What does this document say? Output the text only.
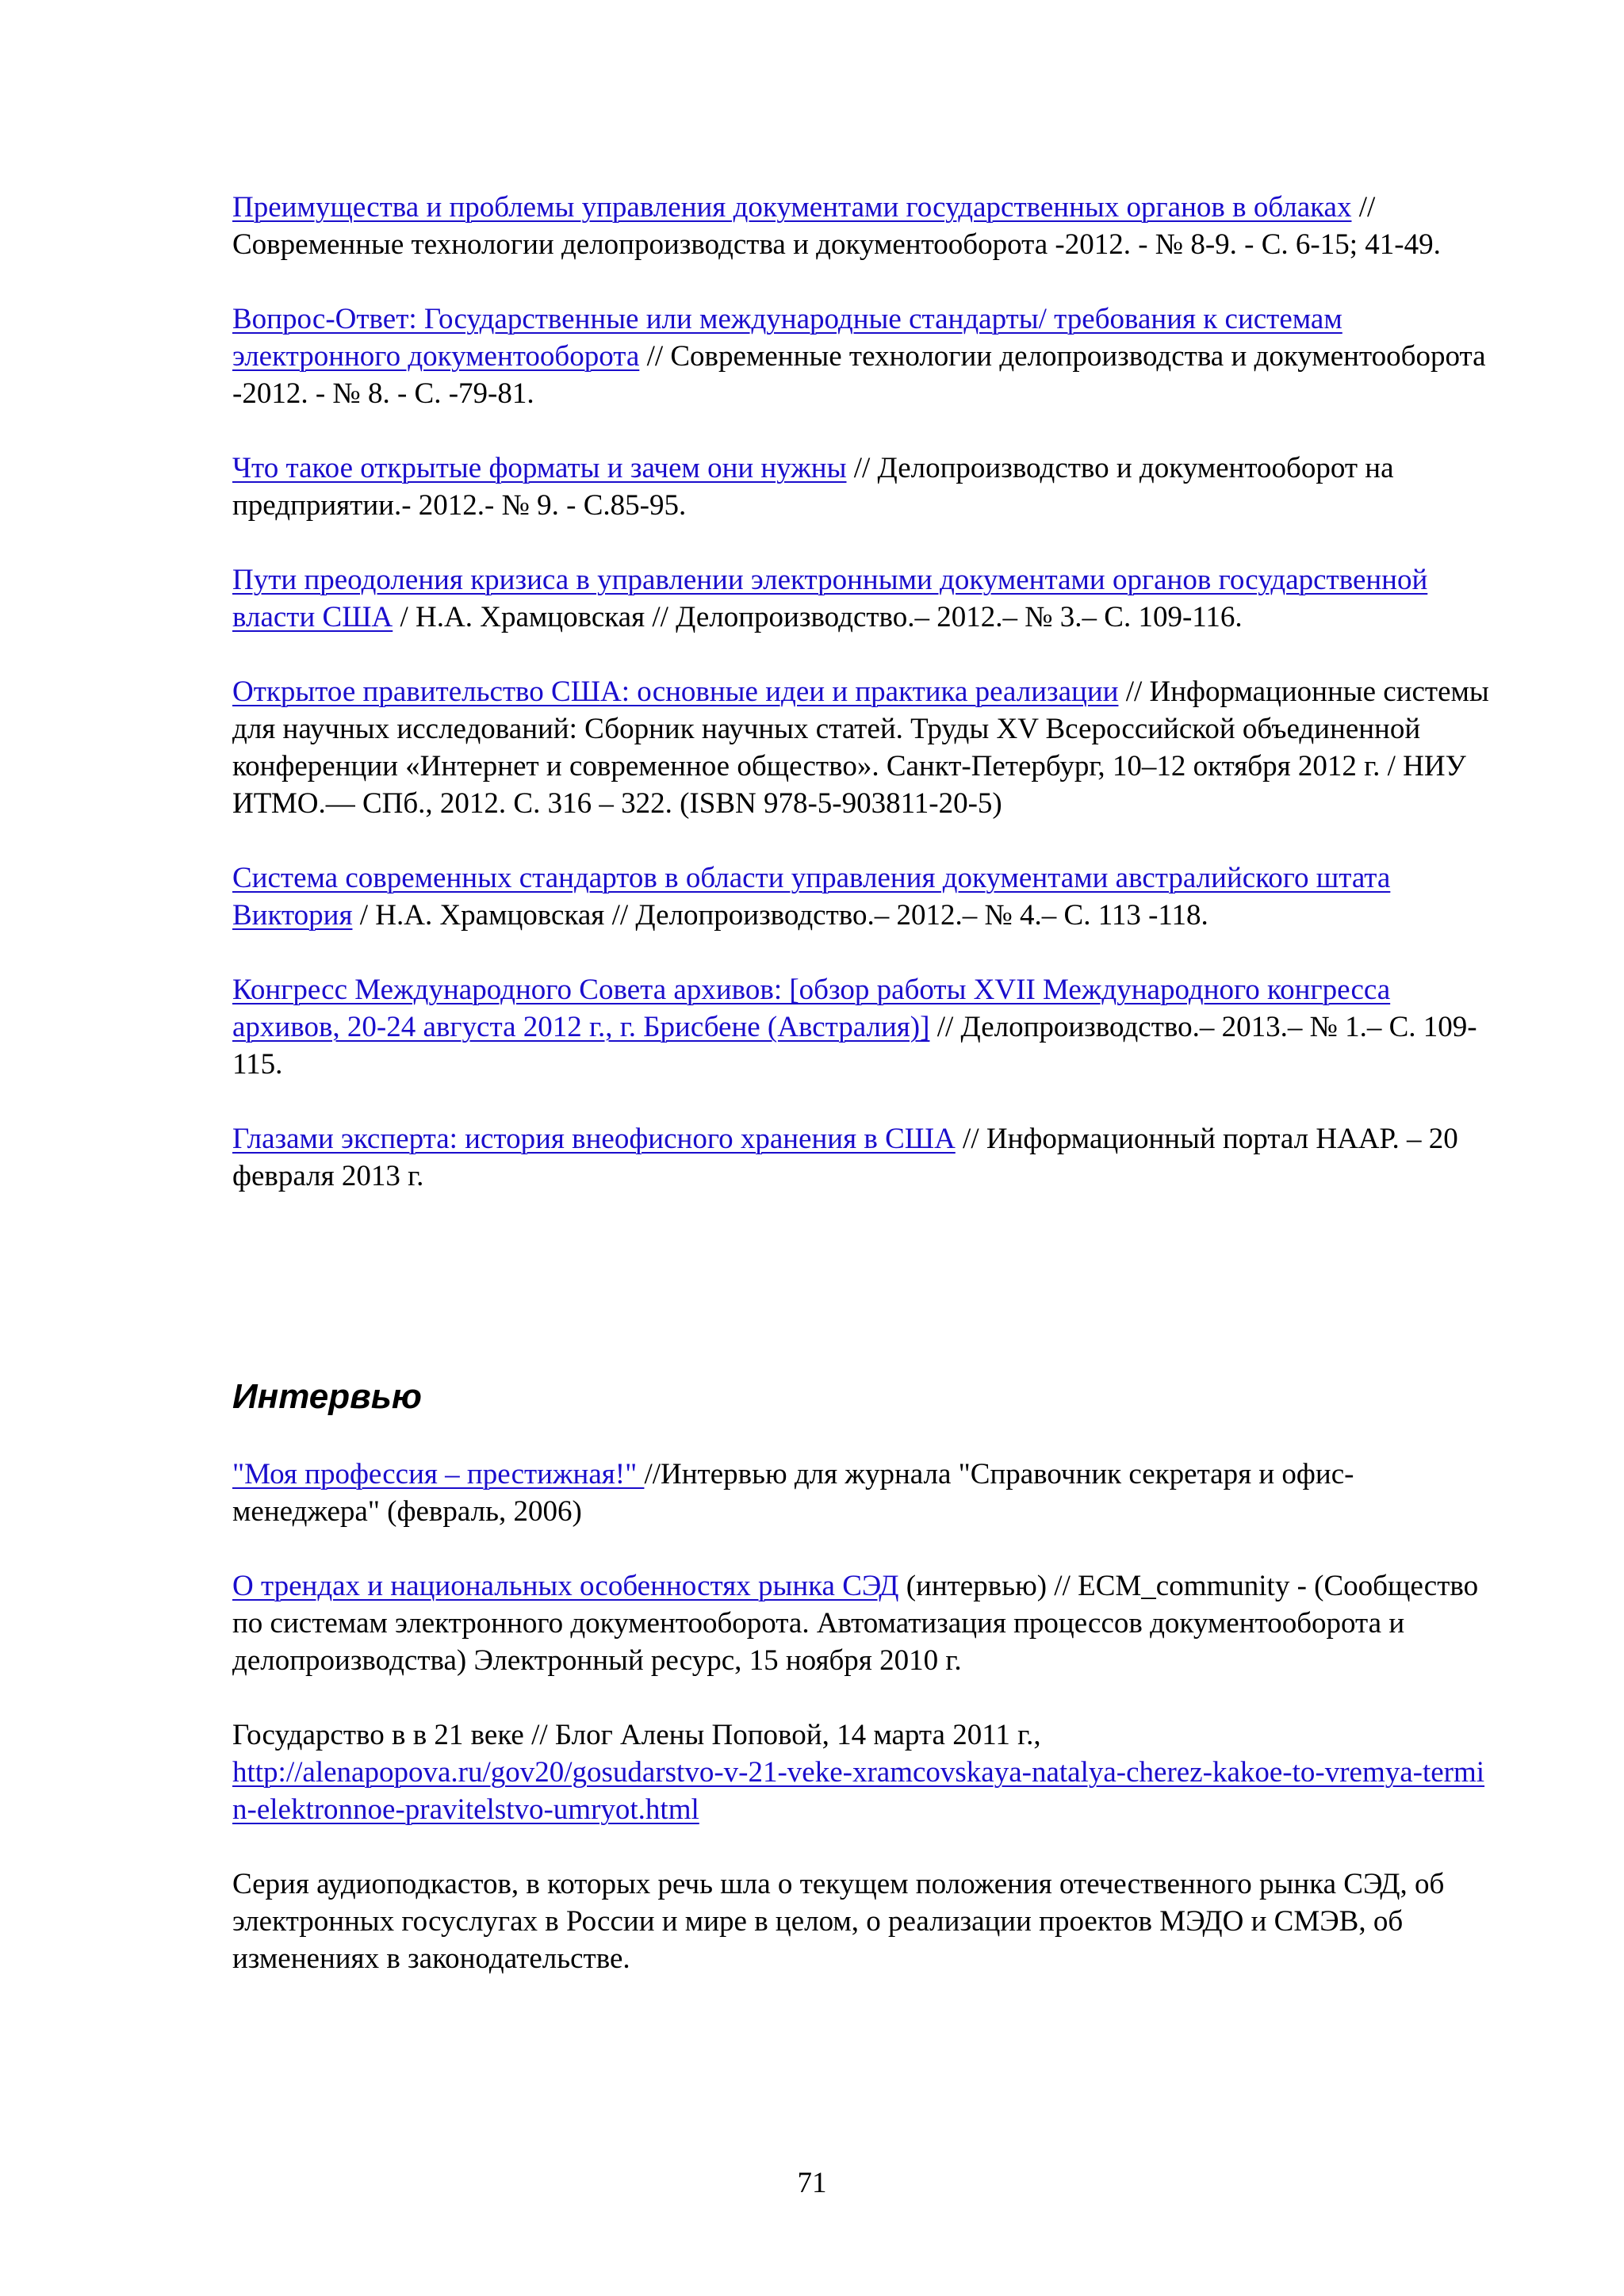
Преимущества и проблемы управления документами государственных органов в облаках // Современные технологии делопроизводства и документооборота -2012. - № 8-9. - С. 6-15; 41-49.

Вопрос-Ответ: Государственные или международные стандарты/ требования к системам электронного документооборота // Современные технологии делопроизводства и документооборота -2012. - № 8. - С. -79-81.

Что такое открытые форматы и зачем они нужны // Делопроизводство и документооборот на предприятии.- 2012.- № 9. - С.85-95.

Пути преодоления кризиса в управлении электронными документами органов государственной власти США / Н.А. Храмцовская // Делопроизводство.– 2012.– № 3.– С. 109-116.

Открытое правительство США: основные идеи и практика реализации // Информационные системы для научных исследований: Сборник научных статей. Труды XV Всероссийской объединенной конференции «Интернет и современное общество». Санкт-Петербург, 10–12 октября 2012 г. / НИУ ИТМО.— СПб., 2012. С. 316 – 322. (ISBN 978-5-903811-20-5)

Система современных стандартов в области управления документами австралийского штата Виктория / Н.А. Храмцовская // Делопроизводство.– 2012.– № 4.– С. 113 -118.

Конгресс Международного Совета архивов: [обзор работы XVII Международного конгресса архивов, 20-24 августа 2012 г., г. Брисбене (Австралия)] // Делопроизводство.– 2013.– № 1.– С. 109-115.

Глазами эксперта: история внеофисного хранения в США // Информационный портал НААР. – 20 февраля 2013 г.

Интервью

"Моя профессия – престижная!" //Интервью для журнала "Справочник секретаря и офис-менеджера" (февраль, 2006)

О трендах и национальных особенностях рынка СЭД (интервью) // ECM_community - (Сообщество по системам электронного документооборота. Автоматизация процессов документооборота и делопроизводства) Электронный ресурс, 15 ноября 2010 г.

Государство в в 21 веке // Блог Алены Поповой, 14 марта 2011 г.,
http://alenapopova.ru/gov20/gosudarstvo-v-21-veke-xramcovskaya-natalya-cherez-kakoe-to-vremya-termin-elektronnoe-pravitelstvo-umryot.html

Серия аудиоподкастов, в которых речь шла о текущем положения отечественного рынка СЭД, об электронных госуслугах в России и мире в целом, о реализации проектов МЭДО и СМЭВ, об изменениях в законодательстве.

71
